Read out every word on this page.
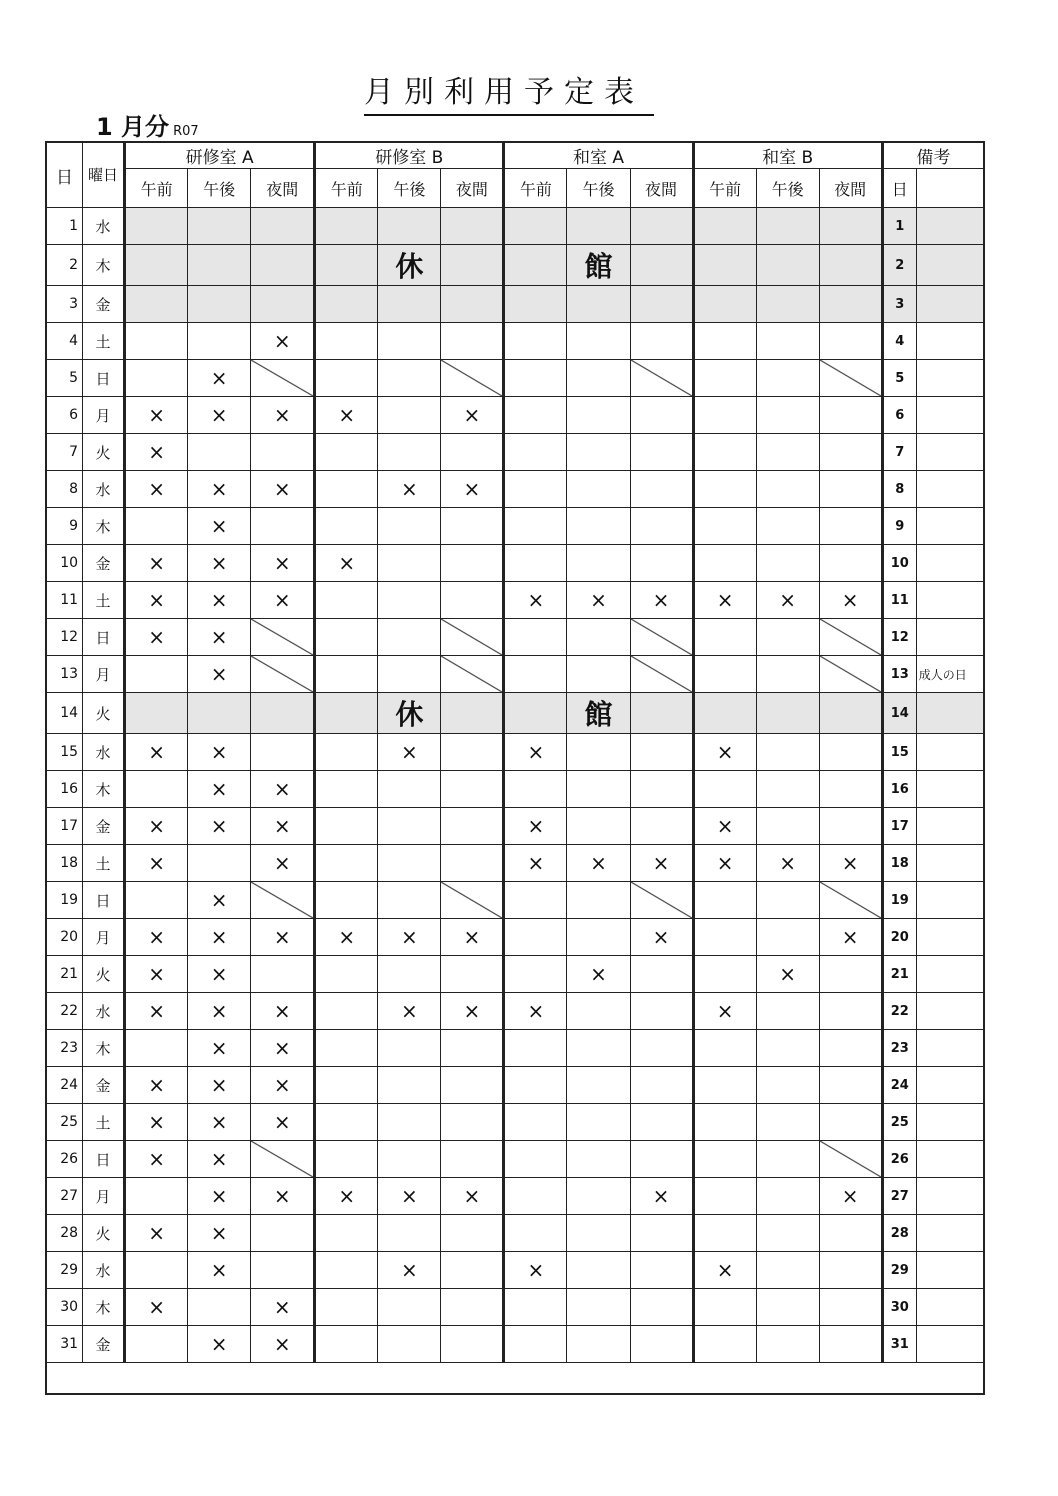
月別利用予定表
1 月分 R07
日	曜日	研修室 A			研修室 B			和室 A			和室 B			備考	
		午前	午後	夜間	午前	午後	夜間	午前	午後	夜間	午前	午後	夜間	日	
1	水													1	
2	木					休			館					2	
3	金													3	
4	土			×										4	
5	日		×											5	
6	月	×	×	×	×		×							6	
7	火	×												7	
8	水	×	×	×		×	×							8	
9	木		×											9	
10	金	×	×	×	×									10	
11	土	×	×	×				×	×	×	×	×	×	11	
12	日	×	×											12	
13	月		×											13	成人の日
14	火					休			館					14	
15	水	×	×			×		×			×			15	
16	木		×	×										16	
17	金	×	×	×				×			×			17	
18	土	×		×				×	×	×	×	×	×	18	
19	日		×											19	
20	月	×	×	×	×	×	×			×			×	20	
21	火	×	×						×			×		21	
22	水	×	×	×		×	×	×			×			22	
23	木		×	×										23	
24	金	×	×	×										24	
25	土	×	×	×										25	
26	日	×	×											26	
27	月		×	×	×	×	×			×			×	27	
28	火	×	×											28	
29	水		×			×		×			×			29	
30	木	×		×										30	
31	金		×	×										31	
